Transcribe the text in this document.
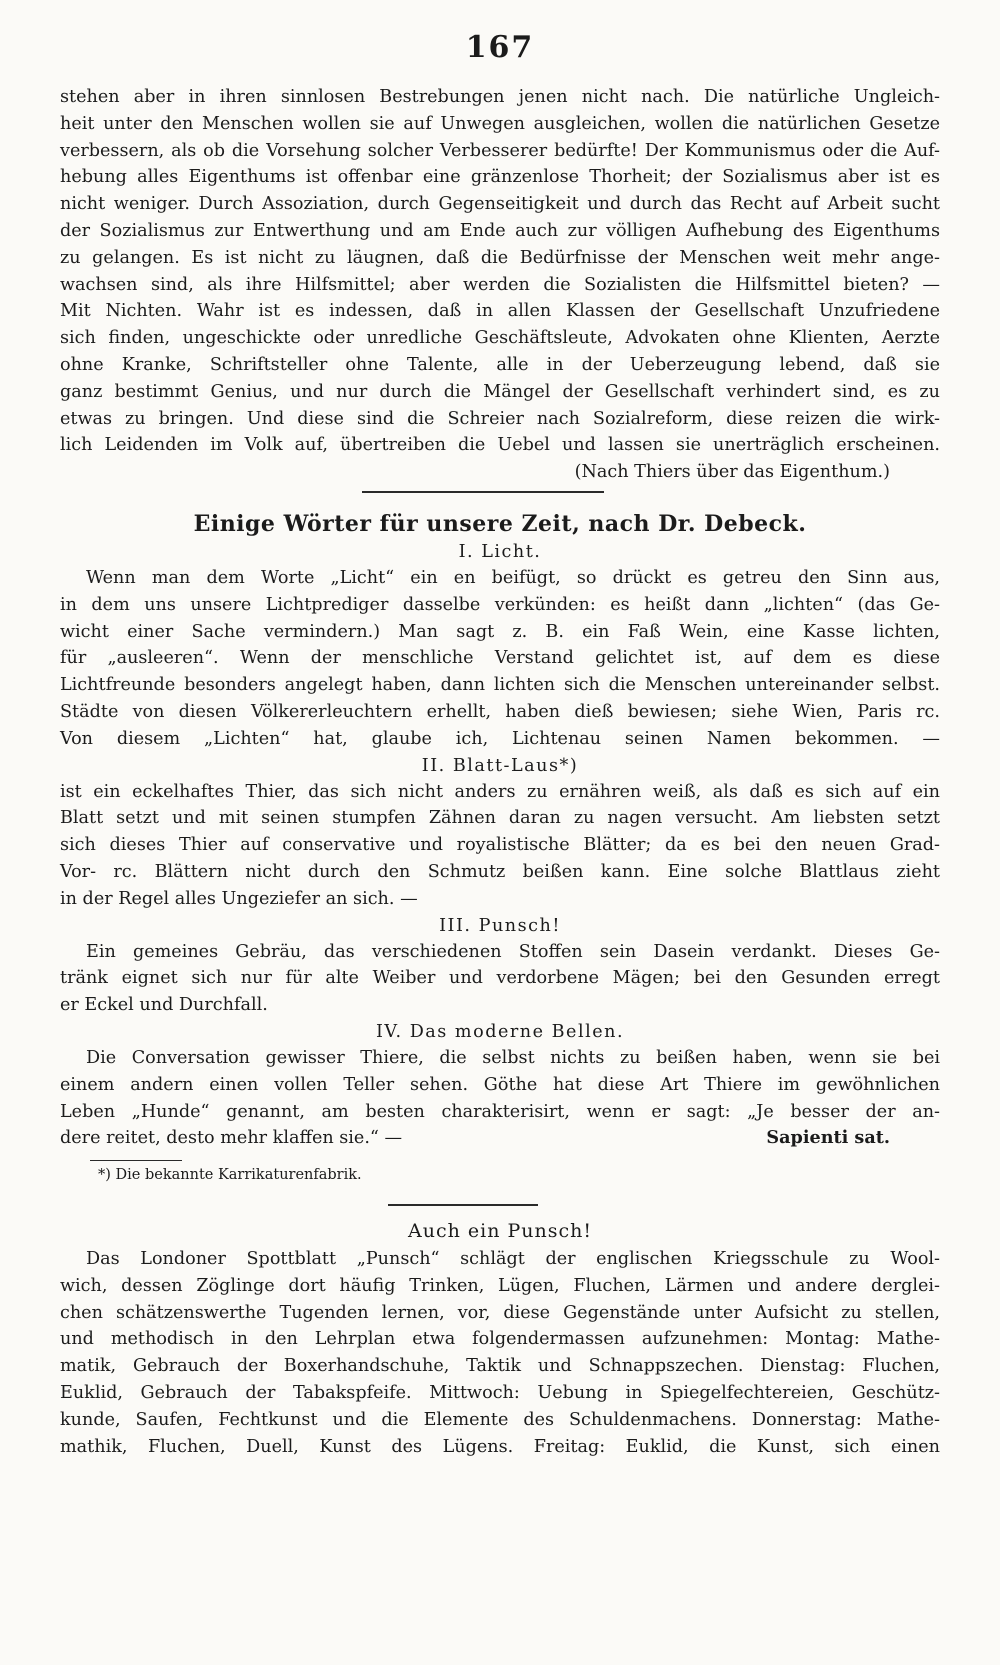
167

stehen aber in ihren sinnlosen Bestrebungen jenen nicht nach. Die natürliche Ungleich-

heit unter den Menschen wollen sie auf Unwegen ausgleichen, wollen die natürlichen Gesetze

verbessern, als ob die Vorsehung solcher Verbesserer bedürfte! Der Kommunismus oder die Auf-

hebung alles Eigenthums ist offenbar eine gränzenlose Thorheit; der Sozialismus aber ist es

nicht weniger. Durch Assoziation, durch Gegenseitigkeit und durch das Recht auf Arbeit sucht

der Sozialismus zur Entwerthung und am Ende auch zur völligen Aufhebung des Eigenthums

zu gelangen. Es ist nicht zu läugnen, daß die Bedürfnisse der Menschen weit mehr ange-

wachsen sind, als ihre Hilfsmittel; aber werden die Sozialisten die Hilfsmittel bieten? —

Mit Nichten. Wahr ist es indessen, daß in allen Klassen der Gesellschaft Unzufriedene

sich finden, ungeschickte oder unredliche Geschäftsleute, Advokaten ohne Klienten, Aerzte

ohne Kranke, Schriftsteller ohne Talente, alle in der Ueberzeugung lebend, daß sie

ganz bestimmt Genius, und nur durch die Mängel der Gesellschaft verhindert sind, es zu

etwas zu bringen. Und diese sind die Schreier nach Sozialreform, diese reizen die wirk-

lich Leidenden im Volk auf, übertreiben die Uebel und lassen sie unerträglich erscheinen.

(Nach Thiers über das Eigenthum.)

Einige Wörter für unsere Zeit, nach Dr. Debeck.
I. Licht.

Wenn man dem Worte „Licht“ ein en beifügt, so drückt es getreu den Sinn aus,

in dem uns unsere Lichtprediger dasselbe verkünden: es heißt dann „lichten“ (das Ge-

wicht einer Sache vermindern.) Man sagt z. B. ein Faß Wein, eine Kasse lichten,

für „ausleeren“. Wenn der menschliche Verstand gelichtet ist, auf dem es diese

Lichtfreunde besonders angelegt haben, dann lichten sich die Menschen untereinander selbst.

Städte von diesen Völkererleuchtern erhellt, haben dieß bewiesen; siehe Wien, Paris rc.

Von diesem „Lichten“ hat, glaube ich, Lichtenau seinen Namen bekommen. —

II. Blatt-Laus*)

ist ein eckelhaftes Thier, das sich nicht anders zu ernähren weiß, als daß es sich auf ein

Blatt setzt und mit seinen stumpfen Zähnen daran zu nagen versucht. Am liebsten setzt

sich dieses Thier auf conservative und royalistische Blätter; da es bei den neuen Grad-

Vor- rc. Blättern nicht durch den Schmutz beißen kann. Eine solche Blattlaus zieht

in der Regel alles Ungeziefer an sich. —

III. Punsch!

Ein gemeines Gebräu, das verschiedenen Stoffen sein Dasein verdankt. Dieses Ge-

tränk eignet sich nur für alte Weiber und verdorbene Mägen; bei den Gesunden erregt

er Eckel und Durchfall.

IV. Das moderne Bellen.

Die Conversation gewisser Thiere, die selbst nichts zu beißen haben, wenn sie bei

einem andern einen vollen Teller sehen. Göthe hat diese Art Thiere im gewöhnlichen

Leben „Hunde“ genannt, am besten charakterisirt, wenn er sagt: „Je besser der an-

dere reitet, desto mehr klaffen sie.“ —	Sapienti sat.
*) Die bekannte Karrikaturenfabrik.
Auch ein Punsch!

Das Londoner Spottblatt „Punsch“ schlägt der englischen Kriegsschule zu Wool-

wich, dessen Zöglinge dort häufig Trinken, Lügen, Fluchen, Lärmen und andere derglei-

chen schätzenswerthe Tugenden lernen, vor, diese Gegenstände unter Aufsicht zu stellen,

und methodisch in den Lehrplan etwa folgendermassen aufzunehmen: Montag: Mathe-

matik, Gebrauch der Boxerhandschuhe, Taktik und Schnappszechen. Dienstag: Fluchen,

Euklid, Gebrauch der Tabakspfeife. Mittwoch: Uebung in Spiegelfechtereien, Geschütz-

kunde, Saufen, Fechtkunst und die Elemente des Schuldenmachens. Donnerstag: Mathe-

mathik, Fluchen, Duell, Kunst des Lügens. Freitag: Euklid, die Kunst, sich einen
